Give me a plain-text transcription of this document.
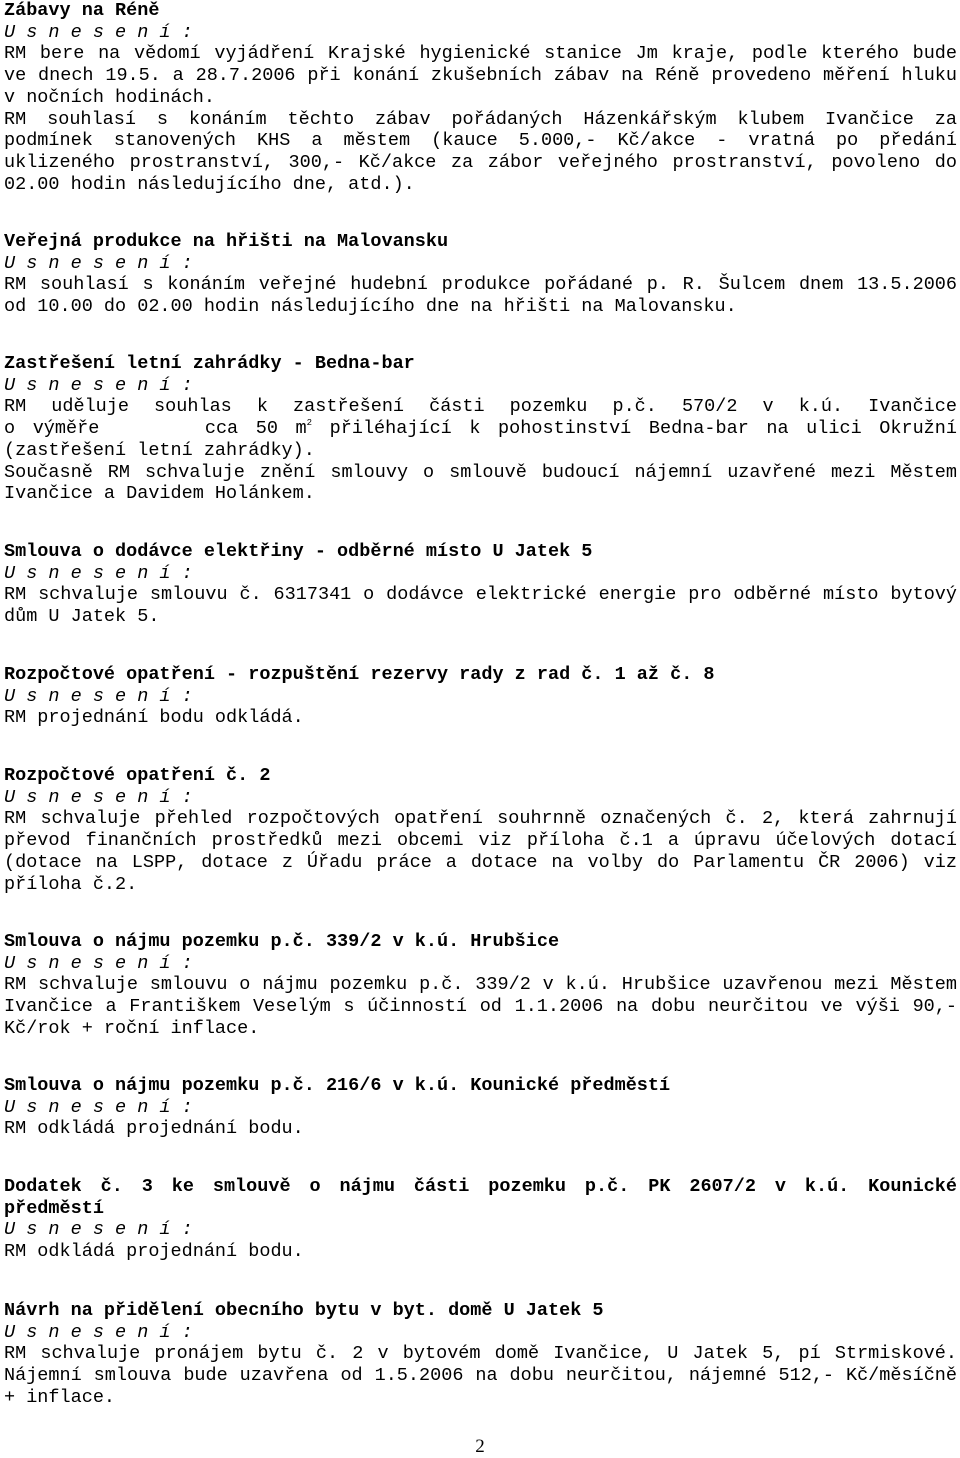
Zábavy na Réně
U s n e s e n í :
RM bere na vědomí vyjádření Krajské hygienické stanice Jm kraje, podle kterého bude ve dnech 19.5. a 28.7.2006 při konání zkušebních zábav na Réně provedeno měření hluku v nočních hodinách.
RM souhlasí s konáním těchto zábav pořádaných Házenkářským klubem Ivančice za podmínek stanovených KHS a městem (kauce 5.000,- Kč/akce - vratná po předání uklizeného prostranství, 300,- Kč/akce za zábor veřejného prostranství, povoleno do 02.00 hodin následujícího dne, atd.).
Veřejná produkce na hřišti na Malovansku
U s n e s e n í :
RM souhlasí s konáním veřejné hudební produkce pořádané p. R. Šulcem dnem 13.5.2006 od 10.00 do 02.00 hodin následujícího dne na hřišti na Malovansku.
Zastřešení letní zahrádky - Bedna-bar
U s n e s e n í :
RM uděluje souhlas k zastřešení části pozemku p.č. 570/2 v k.ú. Ivančice
o výměře      cca 50 $m^2$ přiléhající k pohostinství Bedna-bar na ulici Okružní
(zastřešení letní zahrádky).
Současně RM schvaluje znění smlouvy o smlouvě budoucí nájemní uzavřené mezi Městem Ivančice a Davidem Holánkem.
Smlouva o dodávce elektřiny - odběrné místo U Jatek 5
U s n e s e n í :
RM schvaluje smlouvu č. 6317341 o dodávce elektrické energie pro odběrné místo bytový dům U Jatek 5.
Rozpočtové opatření - rozpuštění rezervy rady z rad č. 1 až č. 8
U s n e s e n í :
RM projednání bodu odkládá.
Rozpočtové opatření č. 2
U s n e s e n í :
RM schvaluje přehled rozpočtových opatření souhrnně označených č. 2, která zahrnují převod finančních prostředků mezi obcemi viz příloha č.1 a úpravu účelových dotací (dotace na LSPP, dotace z Úřadu práce a dotace na volby do Parlamentu ČR 2006) viz příloha č.2.
Smlouva o nájmu pozemku p.č. 339/2 v k.ú. Hrubšice
U s n e s e n í :
RM schvaluje smlouvu o nájmu pozemku p.č. 339/2 v k.ú. Hrubšice uzavřenou mezi Městem Ivančice a Františkem Veselým s účinností od 1.1.2006 na dobu neurčitou ve výši 90,-Kč/rok + roční inflace.
Smlouva o nájmu pozemku p.č. 216/6 v k.ú. Kounické předměstí
U s n e s e n í :
RM odkládá projednání bodu.
Dodatek č. 3 ke smlouvě o nájmu části pozemku p.č. PK 2607/2 v k.ú. Kounické
předměstí
U s n e s e n í :
RM odkládá projednání bodu.
Návrh na přidělení obecního bytu v byt. domě U Jatek 5
U s n e s e n í :
RM schvaluje pronájem bytu č. 2 v bytovém domě Ivančice, U Jatek 5, pí Strmiskové. Nájemní smlouva bude uzavřena od 1.5.2006 na dobu neurčitou, nájemné 512,- Kč/měsíčně + inflace.
2
